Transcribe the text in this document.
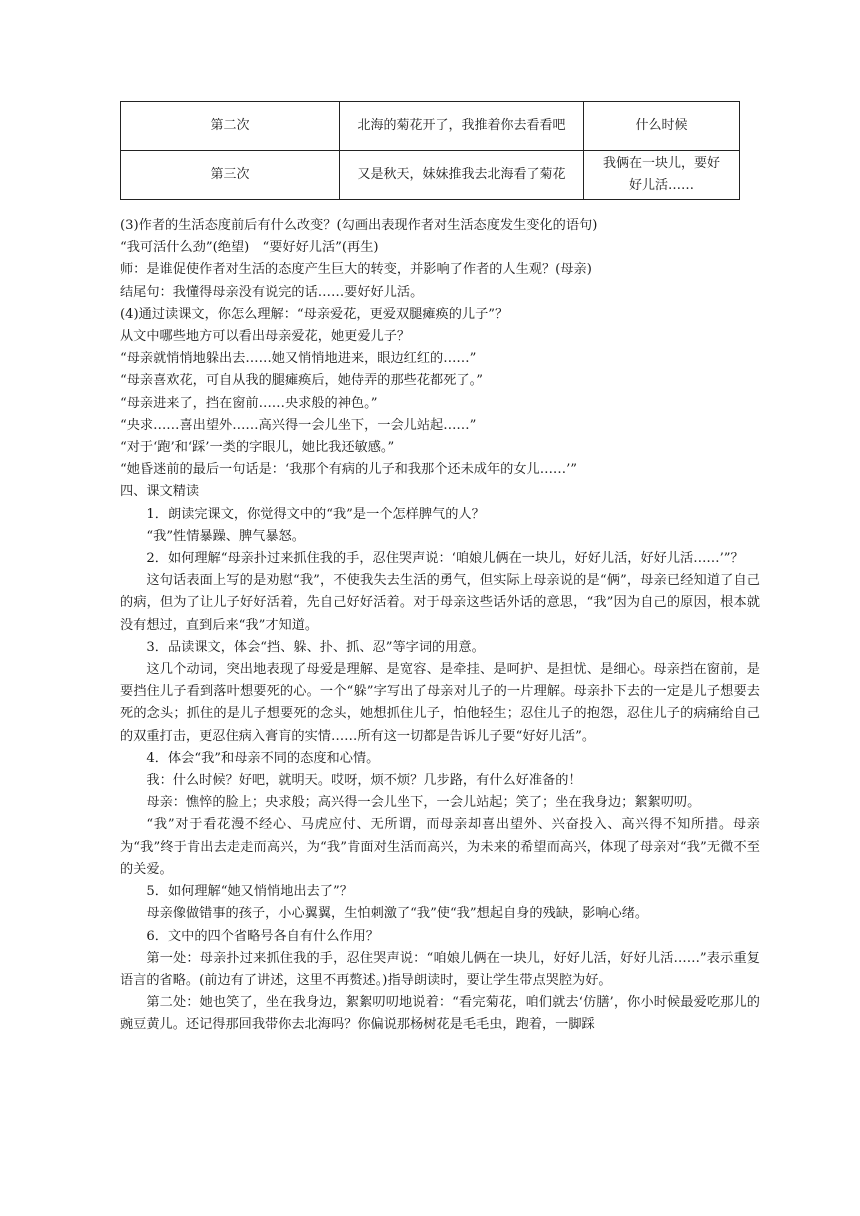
第二次	北海的菊花开了，我推着你去看看吧	什么时候
第三次	又是秋天，妹妹推我去北海看了菊花	我俩在一块儿，要好好儿活……

(3)作者的生活态度前后有什么改变？(勾画出表现作者对生活态度发生变化的语句)

“我可活什么劲”(绝望)　“要好好儿活”(再生)

师：是谁促使作者对生活的态度产生巨大的转变，并影响了作者的人生观？(母亲)

结尾句：我懂得母亲没有说完的话……要好好儿活。

(4)通过读课文，你怎么理解：“母亲爱花，更爱双腿瘫痪的儿子”？

从文中哪些地方可以看出母亲爱花，她更爱儿子？

“母亲就悄悄地躲出去……她又悄悄地进来，眼边红红的……”

“母亲喜欢花，可自从我的腿瘫痪后，她侍弄的那些花都死了。”

“母亲进来了，挡在窗前……央求般的神色。”

“央求……喜出望外……高兴得一会儿坐下，一会儿站起……”

“对于‘跑’和‘踩’一类的字眼儿，她比我还敏感。”

“她昏迷前的最后一句话是：‘我那个有病的儿子和我那个还未成年的女儿……’”

四、课文精读

1．朗读完课文，你觉得文中的“我”是一个怎样脾气的人？

“我”性情暴躁、脾气暴怒。

2．如何理解“母亲扑过来抓住我的手，忍住哭声说：‘咱娘儿俩在一块儿，好好儿活，好好儿活……’”？

这句话表面上写的是劝慰“我”，不使我失去生活的勇气，但实际上母亲说的是“俩”，母亲已经知道了自己的病，但为了让儿子好好活着，先自己好好活着。对于母亲这些话外话的意思，“我”因为自己的原因，根本就没有想过，直到后来“我”才知道。

3．品读课文，体会“挡、躲、扑、抓、忍”等字词的用意。

这几个动词，突出地表现了母爱是理解、是宽容、是牵挂、是呵护、是担忧、是细心。母亲挡在窗前，是要挡住儿子看到落叶想要死的心。一个“躲”字写出了母亲对儿子的一片理解。母亲扑下去的一定是儿子想要去死的念头；抓住的是儿子想要死的念头，她想抓住儿子，怕他轻生；忍住儿子的抱怨，忍住儿子的病痛给自己的双重打击，更忍住病入膏肓的实情……所有这一切都是告诉儿子要“好好儿活”。

4．体会“我”和母亲不同的态度和心情。

我：什么时候？好吧，就明天。哎呀，烦不烦？几步路，有什么好准备的！

母亲：憔悴的脸上；央求般；高兴得一会儿坐下，一会儿站起；笑了；坐在我身边；絮絮叨叨。

“我”对于看花漫不经心、马虎应付、无所谓，而母亲却喜出望外、兴奋投入、高兴得不知所措。母亲为“我”终于肯出去走走而高兴，为“我”肯面对生活而高兴，为未来的希望而高兴，体现了母亲对“我”无微不至的关爱。

5．如何理解“她又悄悄地出去了”？

母亲像做错事的孩子，小心翼翼，生怕刺激了“我”使“我”想起自身的残缺，影响心绪。

6．文中的四个省略号各自有什么作用？

第一处：母亲扑过来抓住我的手，忍住哭声说：“咱娘儿俩在一块儿，好好儿活，好好儿活……”表示重复语言的省略。(前边有了讲述，这里不再赘述。)指导朗读时，要让学生带点哭腔为好。

第二处：她也笑了，坐在我身边，絮絮叨叨地说着：“看完菊花，咱们就去‘仿膳’，你小时候最爱吃那儿的豌豆黄儿。还记得那回我带你去北海吗？你偏说那杨树花是毛毛虫，跑着，一脚踩
